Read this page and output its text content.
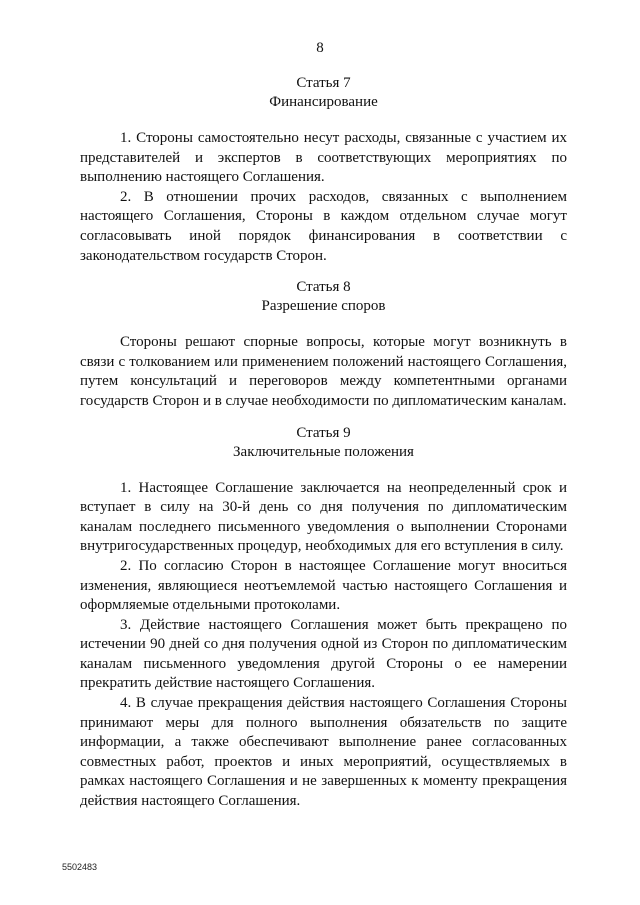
8
Статья 7
Финансирование

1. Стороны самостоятельно несут расходы, связанные с участием их представителей и экспертов в соответствующих мероприятиях по выполнению настоящего Соглашения.

2. В отношении прочих расходов, связанных с выполнением настоящего Соглашения, Стороны в каждом отдельном случае могут согласовывать иной порядок финансирования в соответствии с законодательством государств Сторон.

Статья 8
Разрешение споров

Стороны решают спорные вопросы, которые могут возникнуть в связи с толкованием или применением положений настоящего Соглашения, путем консультаций и переговоров между компетентными органами государств Сторон и в случае необходимости по дипломатическим каналам.

Статья 9
Заключительные положения

1. Настоящее Соглашение заключается на неопределенный срок и вступает в силу на 30-й день со дня получения по дипломатическим каналам последнего письменного уведомления о выполнении Сторонами внутригосударственных процедур, необходимых для его вступления в силу.

2. По согласию Сторон в настоящее Соглашение могут вноситься изменения, являющиеся неотъемлемой частью настоящего Соглашения и оформляемые отдельными протоколами.

3. Действие настоящего Соглашения может быть прекращено по истечении 90 дней со дня получения одной из Сторон по дипломатическим каналам письменного уведомления другой Стороны о ее намерении прекратить действие настоящего Соглашения.

4. В случае прекращения действия настоящего Соглашения Стороны принимают меры для полного выполнения обязательств по защите информации, а также обеспечивают выполнение ранее согласованных совместных работ, проектов и иных мероприятий, осуществляемых в рамках настоящего Соглашения и не завершенных к моменту прекращения действия настоящего Соглашения.

5502483
